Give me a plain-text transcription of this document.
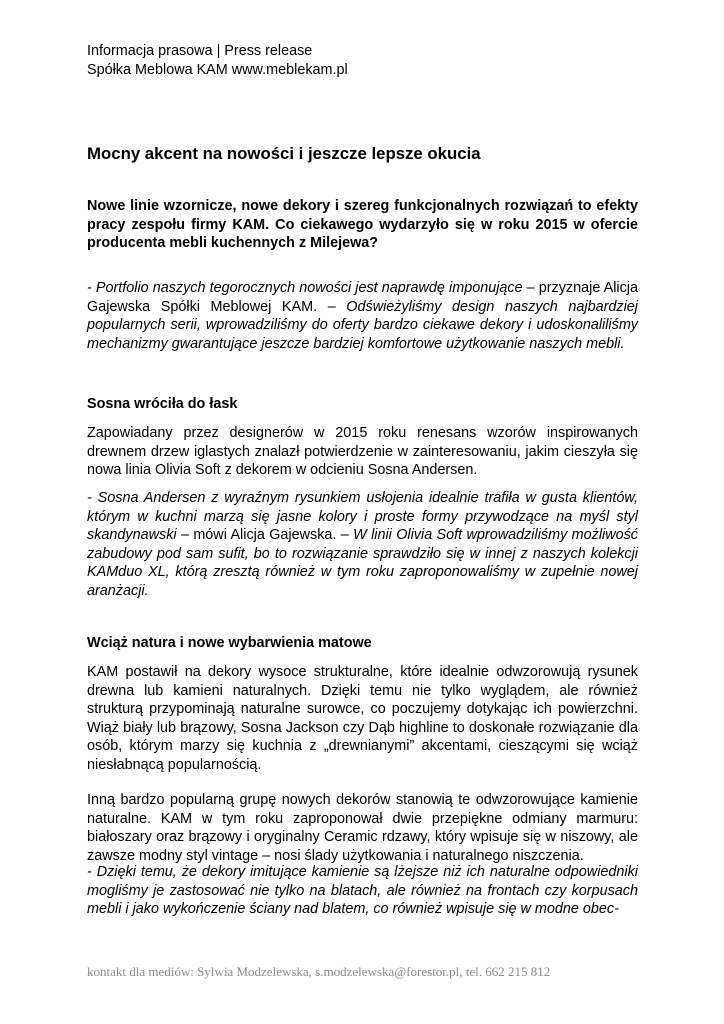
Informacja prasowa | Press release
Spółka Meblowa KAM www.meblekam.pl
Mocny akcent na nowości i jeszcze lepsze okucia
Nowe linie wzornicze, nowe dekory i szereg funkcjonalnych rozwiązań to efekty pracy zespołu firmy KAM. Co ciekawego wydarzyło się w roku 2015 w ofercie producenta mebli kuchennych z Milejewa?
- Portfolio naszych tegorocznych nowości jest naprawdę imponujące – przyznaje Alicja Gajewska Spółki Meblowej KAM. – Odświeżyliśmy design naszych najbardziej popularnych serii, wprowadziliśmy do oferty bardzo ciekawe dekory i udoskonaliliśmy mechanizmy gwarantujące jeszcze bardziej komfortowe użytkowanie naszych mebli.
Sosna wróciła do łask
Zapowiadany przez designerów w 2015 roku renesans wzorów inspirowanych drewnem drzew iglastych znalazł potwierdzenie w zainteresowaniu, jakim cieszyła się nowa linia Olivia Soft z dekorem w odcieniu Sosna Andersen.
- Sosna Andersen z wyraźnym rysunkiem usłojenia idealnie trafiła w gusta klientów, którym w kuchni marzą się jasne kolory i proste formy przywodzące na myśl styl skandynawski – mówi Alicja Gajewska. – W linii Olivia Soft wprowadziliśmy możliwość zabudowy pod sam sufit, bo to rozwiązanie sprawdziło się w innej z naszych kolekcji KAMduo XL, którą zresztą również w tym roku zaproponowaliśmy w zupełnie nowej aranżacji.
Wciąż natura i nowe wybarwienia matowe
KAM postawił na dekory wysoce strukturalne, które idealnie odwzorowują rysunek drewna lub kamieni naturalnych. Dzięki temu nie tylko wyglądem, ale również strukturą przypominają naturalne surowce, co poczujemy dotykając ich powierzchni. Wiąż biały lub brązowy, Sosna Jackson czy Dąb highline to doskonałe rozwiązanie dla osób, którym marzy się kuchnia z „drewnianymi” akcentami, cieszącymi się wciąż niesłabnącą popularnością.
Inną bardzo popularną grupę nowych dekorów stanowią te odwzorowujące kamienie naturalne. KAM w tym roku zaproponował dwie przepiękne odmiany marmuru: białoszary oraz brązowy i oryginalny Ceramic rdzawy, który wpisuje się w niszowy, ale zawsze modny styl vintage – nosi ślady użytkowania i naturalnego niszczenia.
- Dzięki temu, że dekory imitujące kamienie są lżejsze niż ich naturalne odpowiedniki mogliśmy je zastosować nie tylko na blatach, ale również na frontach czy korpusach mebli i jako wykończenie ściany nad blatem, co również wpisuje się w modne obec-
kontakt dla mediów: Sylwia Modzelewska, s.modzelewska@forestor.pl, tel. 662 215 812
